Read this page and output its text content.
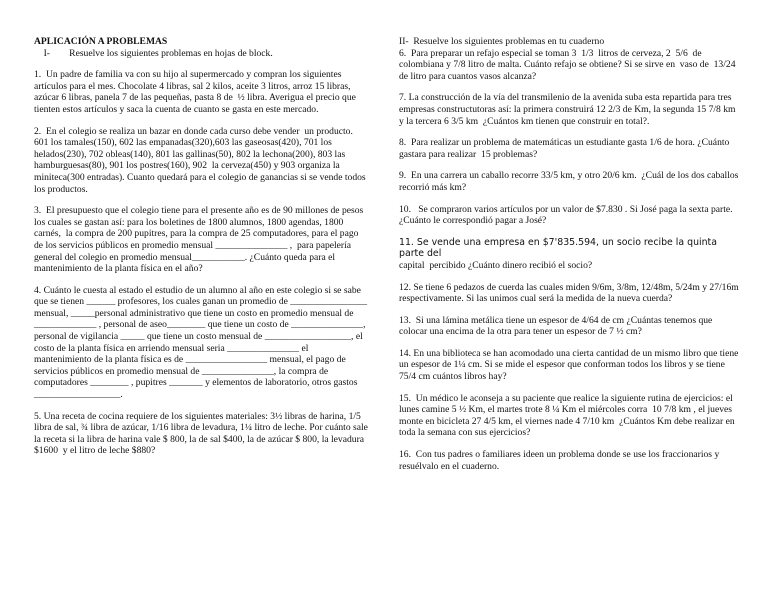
APLICACIÓN A PROBLEMAS

I-        Resuelve los siguientes problemas en hojas de block.

1.  Un padre de familia va con su hijo al supermercado y compran los siguientes artículos para el mes. Chocolate 4 libras, sal 2 kilos, aceite 3 litros, arroz 15 libras, azúcar 6 libras, panela 7 de las pequeñas, pasta 8 de  ½ libra. Averigua el precio que tienten estos artículos y saca la cuenta de cuanto se gasta en este mercado.

2.  En el colegio se realiza un bazar en donde cada curso debe vender  un producto.
601 los tamales(150), 602 las empanadas(320),603 las gaseosas(420), 701 los helados(230), 702 obleas(140), 801 las gallinas(50), 802 la lechona(200), 803 las hamburguesas(80), 901 los postres(160), 902  la cerveza(450) y 903 organiza la miniteca(300 entradas). Cuanto quedará para el colegio de ganancias si se vende todos los productos.

3.  El presupuesto que el colegio tiene para el presente año es de 90 millones de pesos  los cuales se gastan así: para los boletines de 1800 alumnos, 1800 agendas, 1800 carnés,  la compra de 200 pupitres, para la compra de 25 computadores, para el pago de los servicios públicos en promedio mensual _______________ ,  para papelería general del colegio en promedio mensual___________. ¿Cuánto queda para el mantenimiento de la planta física en el año?

4. Cuánto le cuesta al estado el estudio de un alumno al año en este colegio si se sabe que se tienen ______ profesores, los cuales ganan un promedio de ________________ mensual, _____personal administrativo que tiene un costo en promedio mensual de _____________ , personal de aseo________ que tiene un costo de _______________, personal de vigilancia _____ que tiene un costo mensual de __________________, el costo de la planta física en arriendo mensual seria _______________ el mantenimiento de la planta física es de _________________ mensual, el pago de servicios públicos en promedio mensual de _______________, la compra de computadores ________ , pupitres _______ y elementos de laboratorio, otros gastos __________________.

5. Una receta de cocina requiere de los siguientes materiales: 3½ libras de harina, 1/5 libra de sal, ¾ libra de azúcar, 1/16 libra de levadura, 1¼ litro de leche. Por cuánto sale la receta si la libra de harina vale $ 800, la de sal $400, la de azúcar $ 800, la levadura $1600  y el litro de leche $880?

II-  Resuelve los siguientes problemas en tu cuaderno

6.  Para preparar un refajo especial se toman 3  1/3  litros de cerveza, 2  5/6  de colombiana y 7/8 litro de malta. Cuánto refajo se obtiene? Si se sirve en  vaso de  13/24 de litro para cuantos vasos alcanza?

7. La construcción de la vía del transmilenio de la avenida suba esta repartida para tres empresas constructutoras así: la primera construirá 12 2/3 de Km, la segunda 15 7/8 km y la tercera 6 3/5 km  ¿Cuántos km tienen que construir en total?.

8.  Para realizar un problema de matemáticas un estudiante gasta 1/6 de hora. ¿Cuánto gastara para realizar  15 problemas?

9.  En una carrera un caballo recorre 33/5 km, y otro 20/6 km.  ¿Cuál de los dos caballos recorrió más km?

10.   Se compraron varios artículos por un valor de $7.830 . Si José paga la sexta parte. ¿Cuánto le correspondió pagar a José?

11. Se vende una empresa en $7'835.594, un socio recibe la quinta parte del

capital  percibido ¿Cuánto dinero recibió el socio?

12. Se tiene 6 pedazos de cuerda las cuales miden 9/6m, 3/8m, 12/48m, 5/24m y 27/16m respectivamente. Si las unimos cual será la medida de la nueva cuerda?

13.  Si una lámina metálica tiene un espesor de 4/64 de cm ¿Cuántas tenemos que colocar una encima de la otra para tener un espesor de 7 ½ cm?

14. En una biblioteca se han acomodado una cierta cantidad de un mismo libro que tiene un espesor de 1¼ cm. Si se mide el espesor que conforman todos los libros y se tiene 75/4 cm cuántos libros hay?

15.  Un médico le aconseja a su paciente que realice la siguiente rutina de ejercicios: el lunes camine 5 ½ Km, el martes trote 8 ¼ Km el miércoles corra  10 7/8 km , el jueves monte en bicicleta 27 4/5 km, el viernes nade 4 7/10 km  ¿Cuántos Km debe realizar en toda la semana con sus ejercicios?

16.  Con tus padres o familiares ideen un problema donde se use los fraccionarios y resuélvalo en el cuaderno.
